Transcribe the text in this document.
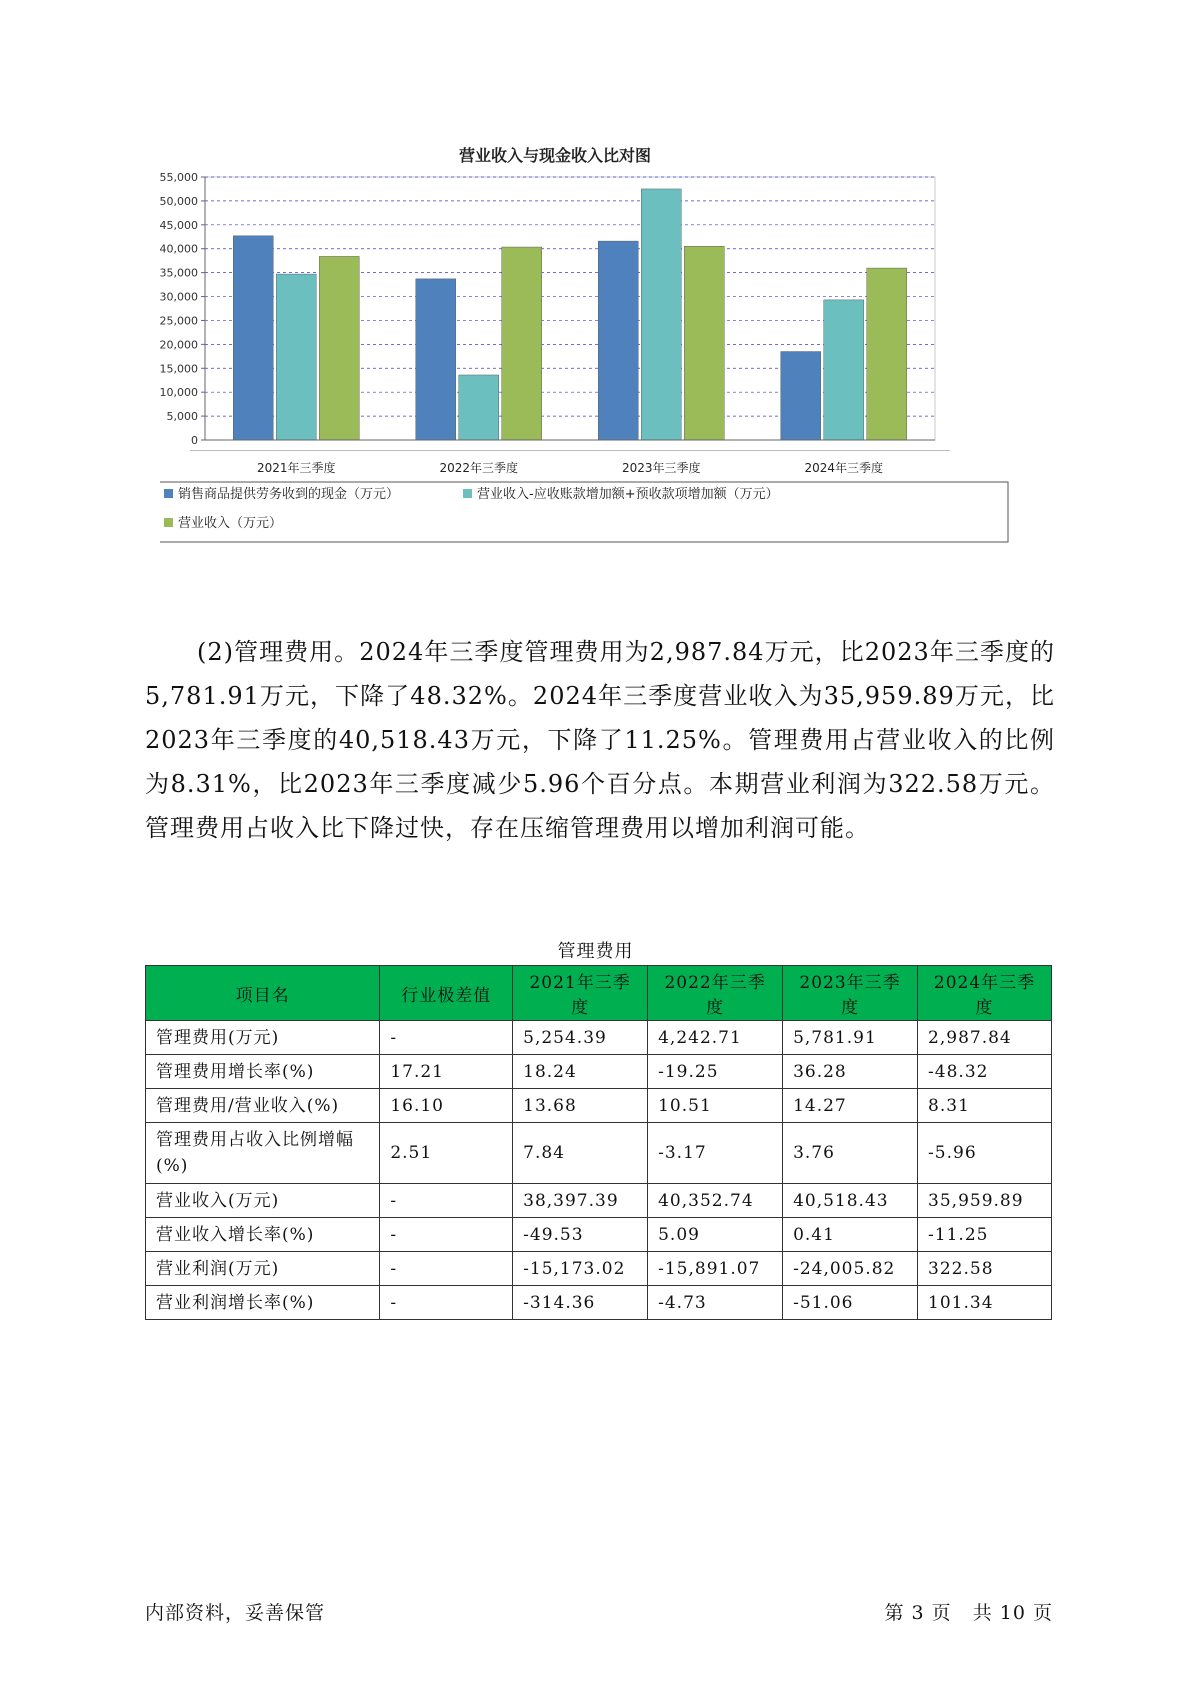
营业收入与现金收入比对图
0
5,000
10,000
15,000
20,000
25,000
30,000
35,000
40,000
45,000
50,000
55,000
2021年三季度	2022年三季度	2023年三季度	2024年三季度
销售商品提供劳务收到的现金（万元）	营业收入-应收账款增加额+预收款项增加额（万元）
营业收入（万元）
(2)管理费用。2024年三季度管理费用为2,987.84万元，比2023年三季度的5,781.91万元，下降了48.32%。2024年三季度营业收入为35,959.89万元，比2023年三季度的40,518.43万元，下降了11.25%。管理费用占营业收入的比例为8.31%，比2023年三季度减少5.96个百分点。本期营业利润为322.58万元。管理费用占收入比下降过快，存在压缩管理费用以增加利润可能。
管理费用
项目名	行业极差值	2021年三季度	2022年三季度	2023年三季度	2024年三季度
管理费用(万元)	-	5,254.39	4,242.71	5,781.91	2,987.84
管理费用增长率(%)	17.21	18.24	-19.25	36.28	-48.32
管理费用/营业收入(%)	16.10	13.68	10.51	14.27	8.31
管理费用占收入比例增幅(%)	2.51	7.84	-3.17	3.76	-5.96
营业收入(万元)	-	38,397.39	40,352.74	40,518.43	35,959.89
营业收入增长率(%)	-	-49.53	5.09	0.41	-11.25
营业利润(万元)	-	-15,173.02	-15,891.07	-24,005.82	322.58
营业利润增长率(%)	-	-314.36	-4.73	-51.06	101.34
内部资料，妥善保管	第 3 页   共 10 页
